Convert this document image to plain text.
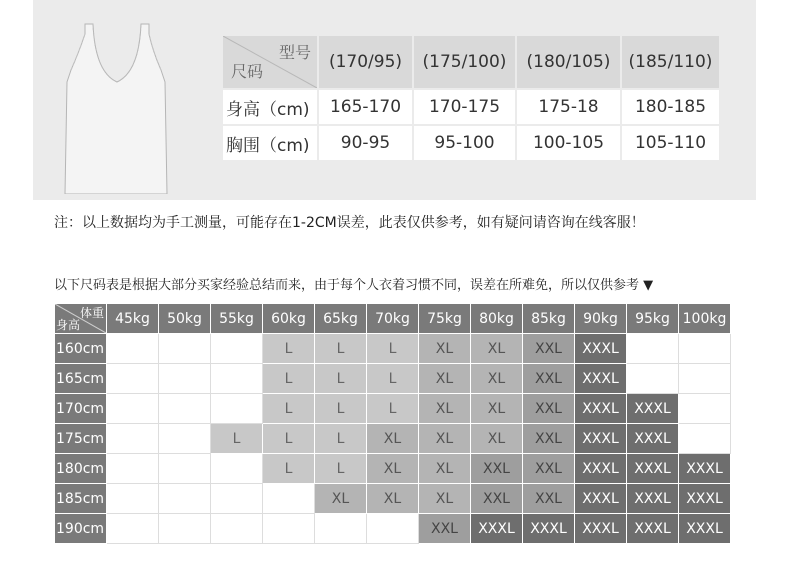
型号
尺码	(170/95)	(175/100)	(180/105)	(185/110)
身高（cm)	165-170	170-175	175-18	180-185
胸围（cm)	90-95	95-100	100-105	105-110
注：以上数据均为手工测量，可能存在1-2CM误差，此表仅供参考，如有疑问请咨询在线客服！
以下尺码表是根据大部分买家经验总结而来，由于每个人衣着习惯不同，误差在所难免，所以仅供参考 ▼
体重
身高	45kg	50kg	55kg	60kg	65kg	70kg	75kg	80kg	85kg	90kg	95kg	100kg
160cm				L	L	L	XL	XL	XXL	XXXL		
165cm				L	L	L	XL	XL	XXL	XXXL		
170cm				L	L	L	XL	XL	XXL	XXXL	XXXL	
175cm			L	L	L	XL	XL	XL	XXL	XXXL	XXXL	
180cm				L	L	XL	XL	XXL	XXL	XXXL	XXXL	XXXL
185cm					XL	XL	XL	XXL	XXL	XXXL	XXXL	XXXL
190cm							XXL	XXXL	XXXL	XXXL	XXXL	XXXL
